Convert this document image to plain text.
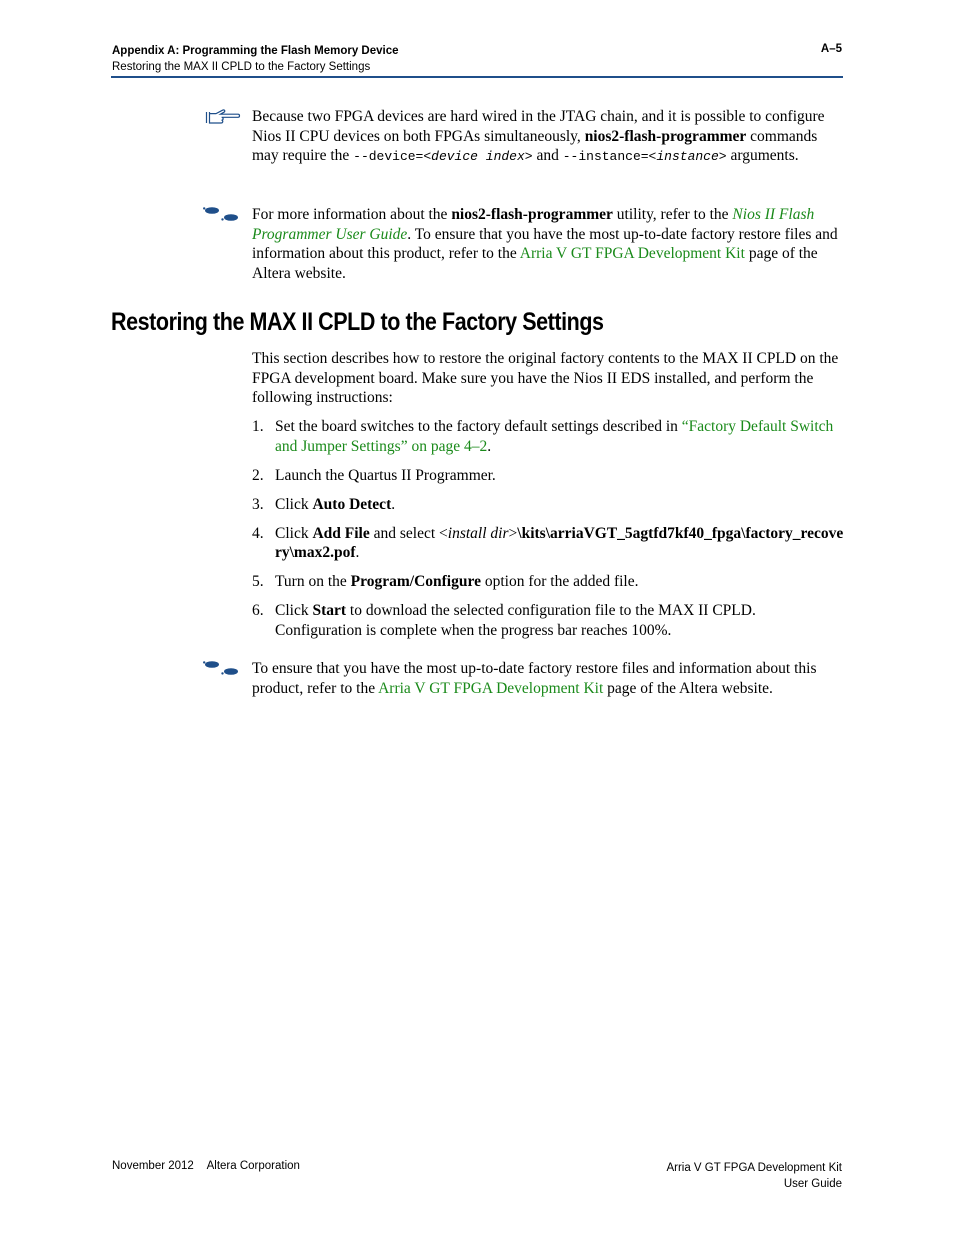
Appendix A: Programming the Flash Memory Device
Restoring the MAX II CPLD to the Factory Settings
A–5
Because two FPGA devices are hard wired in the JTAG chain, and it is possible to configure Nios II CPU devices on both FPGAs simultaneously, nios2-flash-programmer commands may require the --device=<device index> and --instance=<instance> arguments.
For more information about the nios2-flash-programmer utility, refer to the Nios II Flash Programmer User Guide. To ensure that you have the most up-to-date factory restore files and information about this product, refer to the Arria V GT FPGA Development Kit page of the Altera website.
Restoring the MAX II CPLD to the Factory Settings
This section describes how to restore the original factory contents to the MAX II CPLD on the FPGA development board. Make sure you have the Nios II EDS installed, and perform the following instructions:
1. Set the board switches to the factory default settings described in “Factory Default Switch and Jumper Settings” on page 4–2.
2. Launch the Quartus II Programmer.
3. Click Auto Detect.
4. Click Add File and select <install dir>\kits\arriaVGT_5agtfd7kf40_fpga\factory_recovery\max2.pof.
5. Turn on the Program/Configure option for the added file.
6. Click Start to download the selected configuration file to the MAX II CPLD. Configuration is complete when the progress bar reaches 100%.
To ensure that you have the most up-to-date factory restore files and information about this product, refer to the Arria V GT FPGA Development Kit page of the Altera website.
November 2012 Altera Corporation	Arria V GT FPGA Development Kit
User Guide
